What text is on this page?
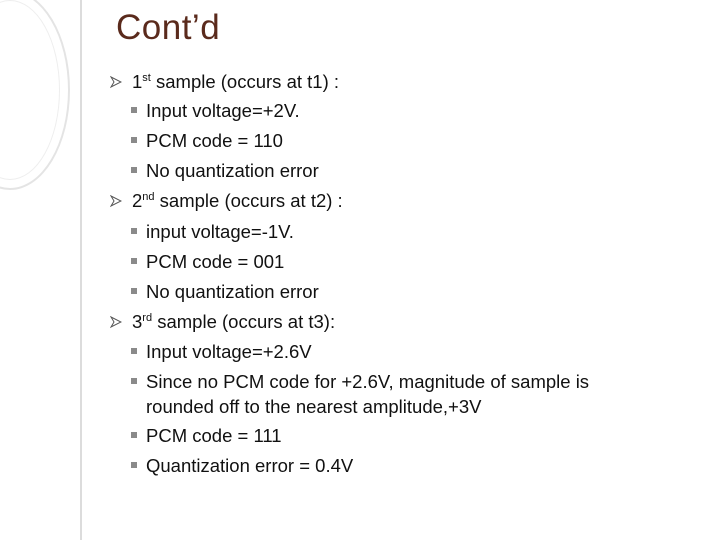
Cont’d
1st sample (occurs at t1) :
Input voltage=+2V.
PCM code = 110
No quantization error
2nd sample (occurs at t2) :
input voltage=-1V.
PCM code = 001
No quantization error
3rd sample (occurs at t3):
Input voltage=+2.6V
Since no PCM code for +2.6V, magnitude of sample is
rounded off to the nearest amplitude,+3V
PCM code = 111
Quantization error = 0.4V
